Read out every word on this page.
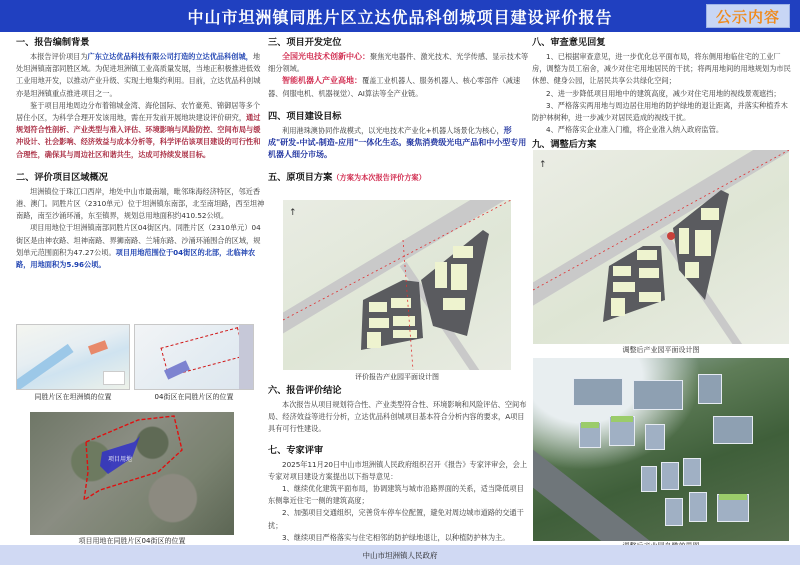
中山市坦洲镇同胜片区立达优品科创城项目建设评价报告	公示内容
一、报告编制背景

本报告评价项目为广东立达优品科技有限公司打造的立达优品科创城，地处坦洲镇南部同胜区域。为促进坦洲镇工业高质量发展，当地正积极推进低效工业用地开发，以推动产业升级、实现土地集约利用。目前，立达优品科创城亦是坦洲镇重点推进项目之一。

鉴于项目用地周边分布着锦城金湾、海伦国际、农竹豪苑、锦御居等多个居住小区，为科学合理开发该用地，需在开发前开展地块建设评价研究，通过规划符合性剖析、产业类型与准入评估、环境影响与风险防控、空间布局与缓冲设计、社会影响、经济效益与成本分析等，科学评估该项目建设的可行性和合理性，确保其与周边社区和谐共生，达成可持续发展目标。

二、评价项目区域概况

坦洲镇位于珠江口西岸，地处中山市最南端，毗邻珠海经济特区，邻近香港、澳门。同胜片区（2310单元）位于坦洲镇东南部，北至南坦路，西至坦神南路，南至沙涌环涌，东至镇界，规划总用地面积约410.52公顷。

项目用地位于坦洲镇南部同胜片区04街区内。同胜片区（2310单元）04街区是由神农路、坦神南路、界狮南路、兰埔东路、沙涌环涌围合的区域，规划单元范围面积为47.27公顷。项目用地范围位于04街区的北部，北临神农路，用地面积为5.96公顷。

同胜片区在坦洲镇的位置	04街区在同胜片区的位置
项目用地
项目用地在同胜片区04街区的位置
三、项目开发定位

全国光电技术创新中心：聚焦光电器件、激光技术、光学传感、显示技术等细分领域。

智能机器人产业高地：覆盖工业机器人、服务机器人、核心零部件（减速器、伺服电机、机器视觉）、AI算法等全产业链。

四、项目建设目标

利用港珠澳协同作战模式，以光电技术产业化+机器人场景化为核心，形成"研发-中试-制造-应用"一体化生态。聚焦消费级光电产品和中小型专用机器人细分市场。

五、原项目方案（方案为本次报告评价方案）
↑
评价报告产业园平面设计图
六、报告评价结论

本次报告从项目规划符合性、产业类型符合性、环境影响和风险评估、空间布局、经济效益等进行分析，立达优品科创城项目基本符合分析内容的要求，A项目具有可行性建设。

七、专家评审

2025年11月20日中山市坦洲镇人民政府组织召开《报告》专家评审会，会上专家对项目建设方案提出以下指导意见：

1、继续优化建筑平面布局，协调建筑与城市沿路界面的关系，适当降低项目东侧靠近住宅一侧的建筑高度；

2、加强项目交通组织，完善货车停车位配置，避免对周边城市道路的交通干扰；

3、继续项目严格落实与住宅相邻的防护绿地退让，以种植防护林为主。

八、审查意见回复

1、已根据审查意见，进一步优化总平面布局，将东侧用地临住宅的工业厂房，调整为员工宿舍，减少对住宅用地居民的干扰；将两用地间的用地规划为市民休憩、健身公园，让居民共享公共绿化空间；

2、进一步降低项目用地中的建筑高度，减少对住宅用地的视线景观遮挡；

3、严格落实两用地与周边居住用地的防护绿地的退让距离，并落实种植乔木防护林树种，进一步减少对居民造成的视线干扰。

4、严格落实企业准入门槛，将企业准入纳入政府监管。

九、调整后方案
↑
调整后产业园平面设计图
中山市坦洲镇人民政府
